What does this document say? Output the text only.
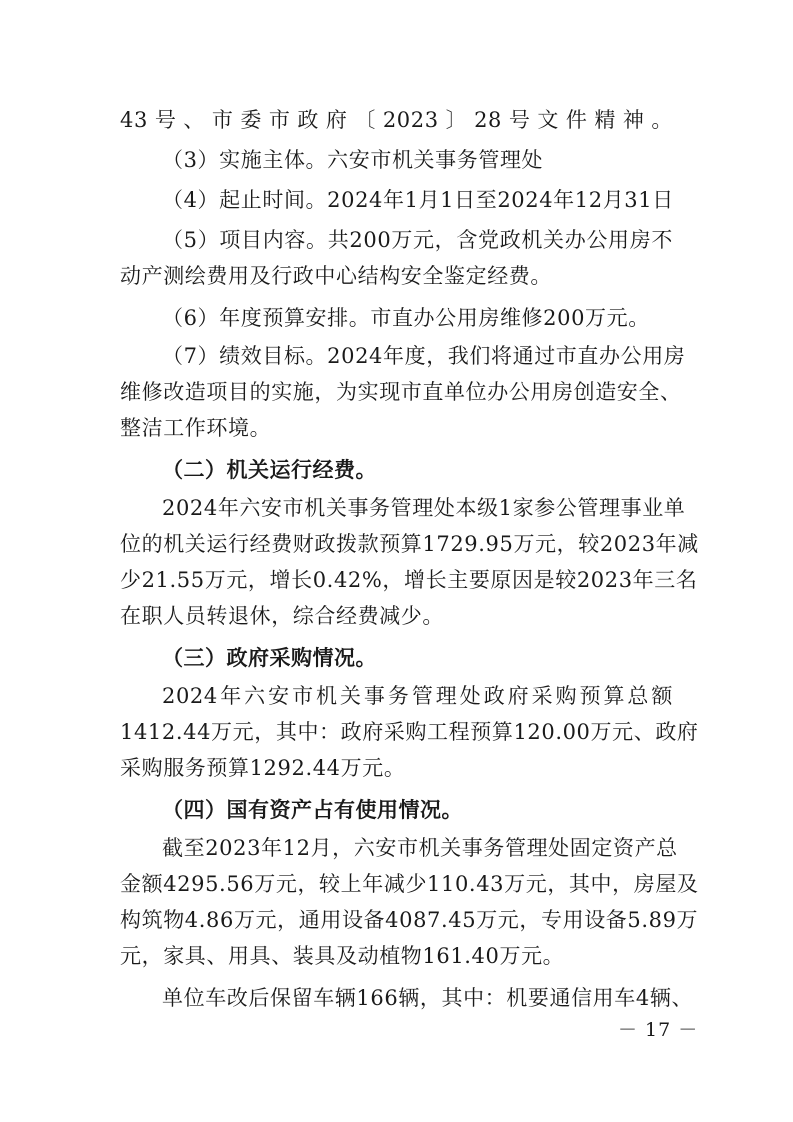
43号、市委市政府〔2023〕28号文件精神。
（3）实施主体。六安市机关事务管理处
（4）起止时间。2024年1月1日至2024年12月31日
（5）项目内容。共200万元，含党政机关办公用房不
动产测绘费用及行政中心结构安全鉴定经费。
（6）年度预算安排。市直办公用房维修200万元。
（7）绩效目标。2024年度，我们将通过市直办公用房
维修改造项目的实施，为实现市直单位办公用房创造安全、
整洁工作环境。
（二）机关运行经费。
2024年六安市机关事务管理处本级1家参公管理事业单
位的机关运行经费财政拨款预算1729.95万元，较2023年减
少21.55万元，增长0.42%，增长主要原因是较2023年三名
在职人员转退休，综合经费减少。
（三）政府采购情况。
2024年六安市机关事务管理处政府采购预算总额
1412.44万元，其中：政府采购工程预算120.00万元、政府
采购服务预算1292.44万元。
（四）国有资产占有使用情况。
截至2023年12月，六安市机关事务管理处固定资产总
金额4295.56万元，较上年减少110.43万元，其中，房屋及
构筑物4.86万元，通用设备4087.45万元，专用设备5.89万
元，家具、用具、装具及动植物161.40万元。
单位车改后保留车辆166辆，其中：机要通信用车4辆、
－ 17 －
